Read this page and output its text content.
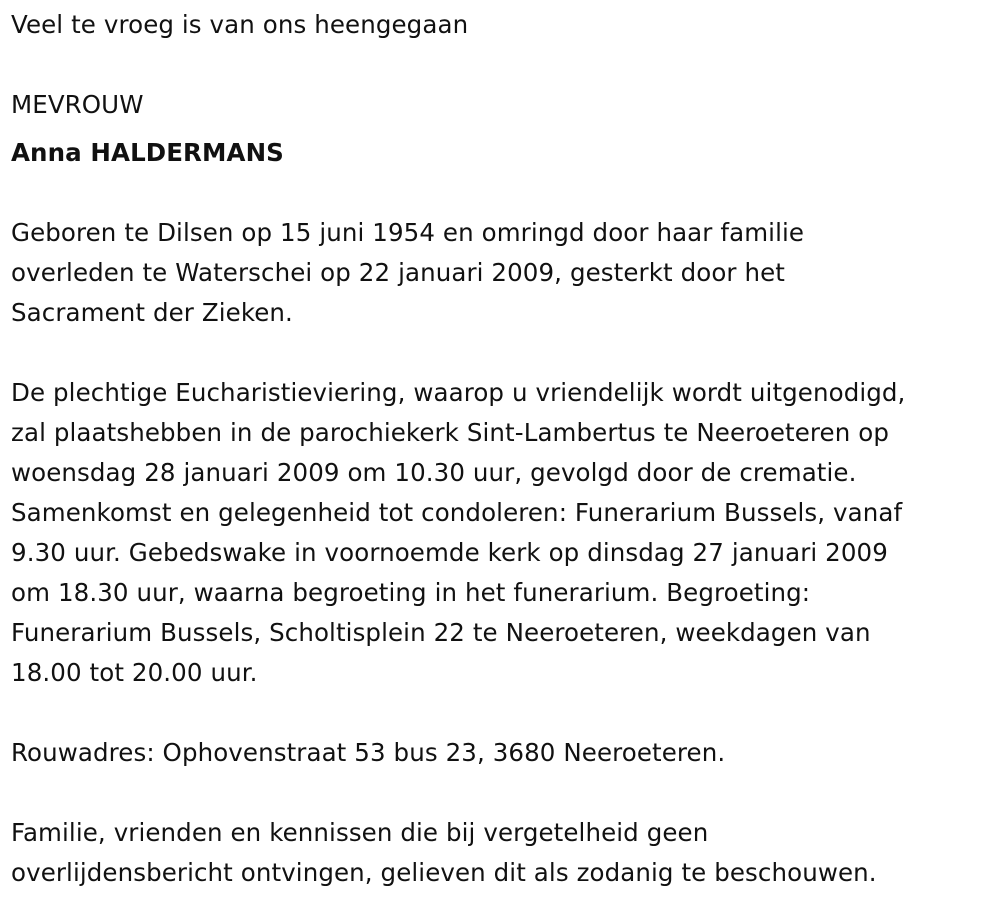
Veel te vroeg is van ons heengegaan

MEVROUW

Anna HALDERMANS

Geboren te Dilsen op 15 juni 1954 en omringd door haar familie

overleden te Waterschei op 22 januari 2009, gesterkt door het

Sacrament der Zieken.

De plechtige Eucharistieviering, waarop u vriendelijk wordt uitgenodigd,

zal plaatshebben in de parochiekerk Sint-Lambertus te Neeroeteren op

woensdag 28 januari 2009 om 10.30 uur, gevolgd door de crematie.

Samenkomst en gelegenheid tot condoleren: Funerarium Bussels, vanaf

9.30 uur. Gebedswake in voornoemde kerk op dinsdag 27 januari 2009

om 18.30 uur, waarna begroeting in het funerarium. Begroeting:

Funerarium Bussels, Scholtisplein 22 te Neeroeteren, weekdagen van

18.00 tot 20.00 uur.

Rouwadres: Ophovenstraat 53 bus 23, 3680 Neeroeteren.

Familie, vrienden en kennissen die bij vergetelheid geen

overlijdensbericht ontvingen, gelieven dit als zodanig te beschouwen.
